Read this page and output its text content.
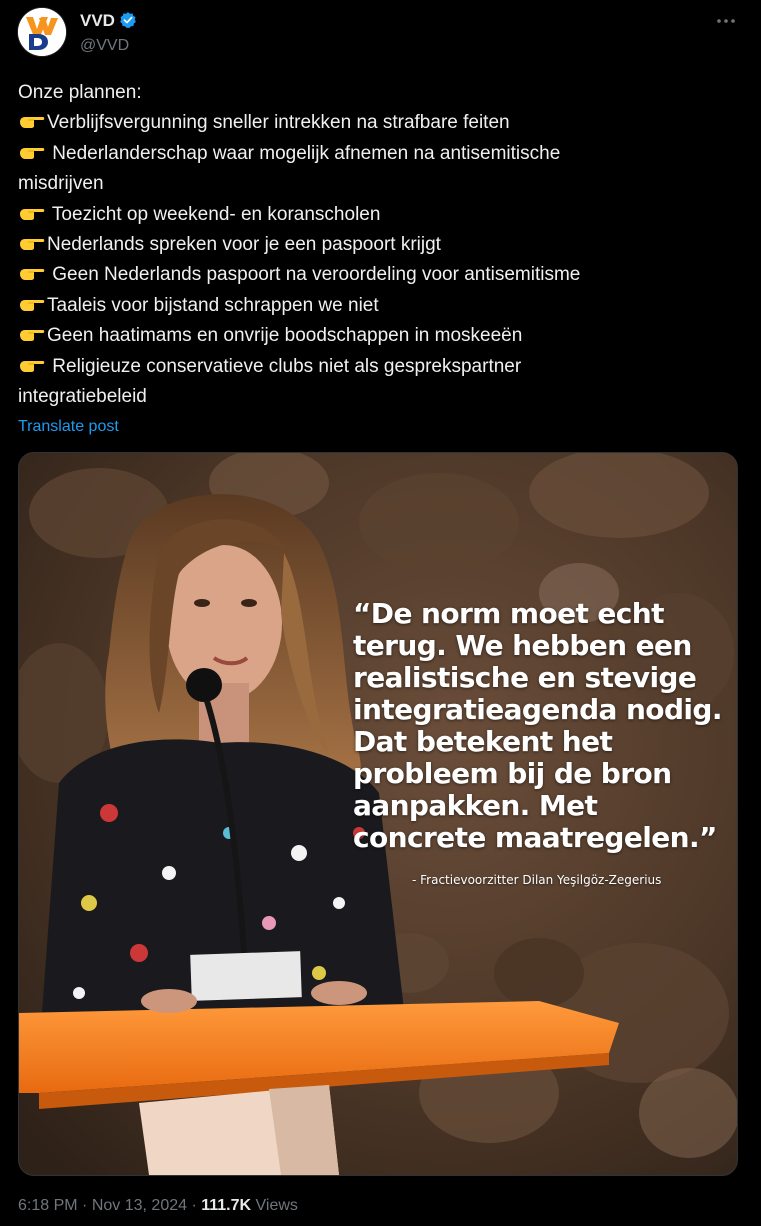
VVD
@VVD
Onze plannen:
Verblijfsvergunning sneller intrekken na strafbare feiten
Nederlanderschap waar mogelijk afnemen na antisemitische
misdrijven
Toezicht op weekend- en koranscholen
Nederlands spreken voor je een paspoort krijgt
Geen Nederlands paspoort na veroordeling voor antisemitisme
Taaleis voor bijstand schrappen we niet
Geen haatimams en onvrije boodschappen in moskeeën
Religieuze conservatieve clubs niet als gesprekspartner
integratiebeleid
Translate post
“De norm moet echt
terug. We hebben een
realistische en stevige
integratieagenda nodig.
Dat betekent het
probleem bij de bron
aanpakken. Met
concrete maatregelen.”
- Fractievoorzitter Dilan Yeşilgöz-Zegerius
6:18 PM · Nov 13, 2024 · 111.7K Views
